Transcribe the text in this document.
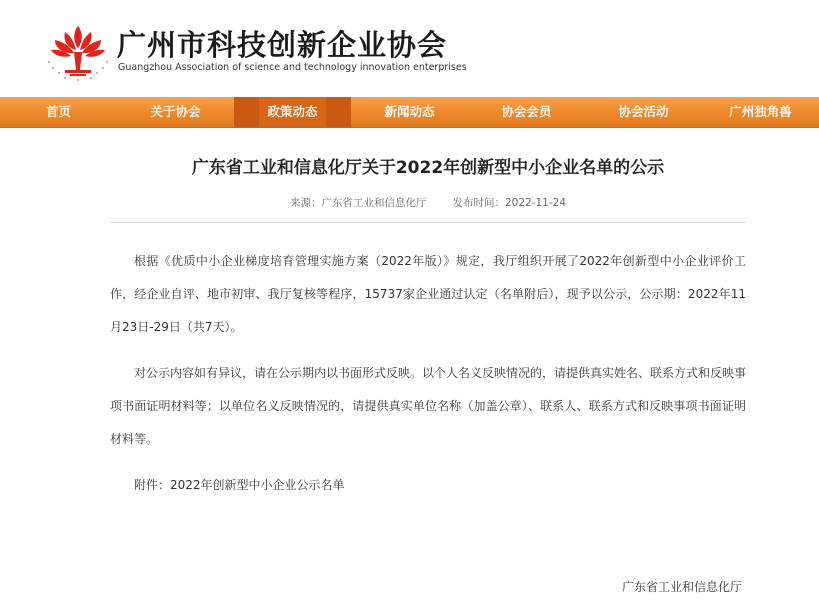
广州市科技创新企业协会
Guangzhou Association of science and technology innovation enterprises
首页	关于协会	政策动态	新闻动态	协会会员	协会活动	广州独角兽
广东省工业和信息化厅关于2022年创新型中小企业名单的公示
来源：广东省工业和信息化厅 发布时间：2022-11-24

根据《优质中小企业梯度培育管理实施方案（2022年版）》规定，我厅组织开展了2022年创新型中小企业评价工作，经企业自评、地市初审、我厅复核等程序，15737家企业通过认定（名单附后），现予以公示，公示期：2022年11月23日-29日（共7天）。

对公示内容如有异议，请在公示期内以书面形式反映。以个人名义反映情况的，请提供真实姓名、联系方式和反映事项书面证明材料等；以单位名义反映情况的，请提供真实单位名称（加盖公章）、联系人、联系方式和反映事项书面证明材料等。

附件：2022年创新型中小企业公示名单

广东省工业和信息化厅
